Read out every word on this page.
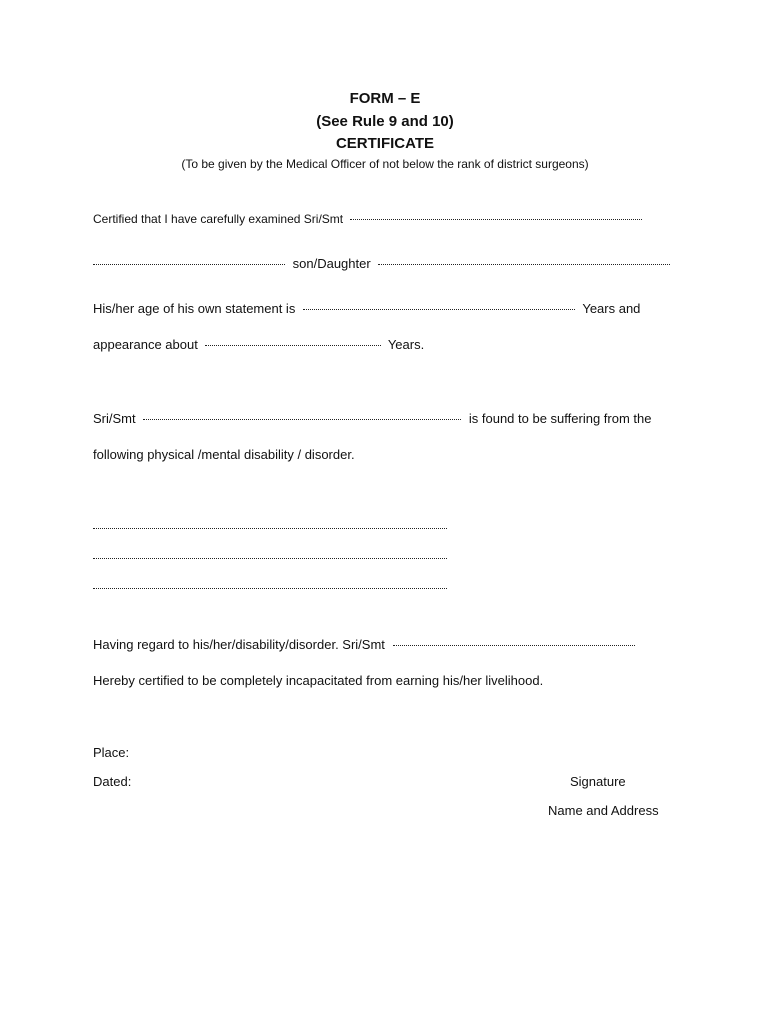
FORM – E
(See Rule 9 and 10)
CERTIFICATE
(To be given by the Medical Officer of not below the rank of district surgeons)
Certified that I have carefully examined Sri/Smt
son/Daughter
His/her age of his own statement is	Years and
appearance about	Years.
Sri/Smt	is found to be suffering from the
following physical /mental disability / disorder.
Having regard to his/her/disability/disorder. Sri/Smt
Hereby certified to be completely incapacitated from earning his/her livelihood.
Place:
Dated:	Signature
Name and Address
